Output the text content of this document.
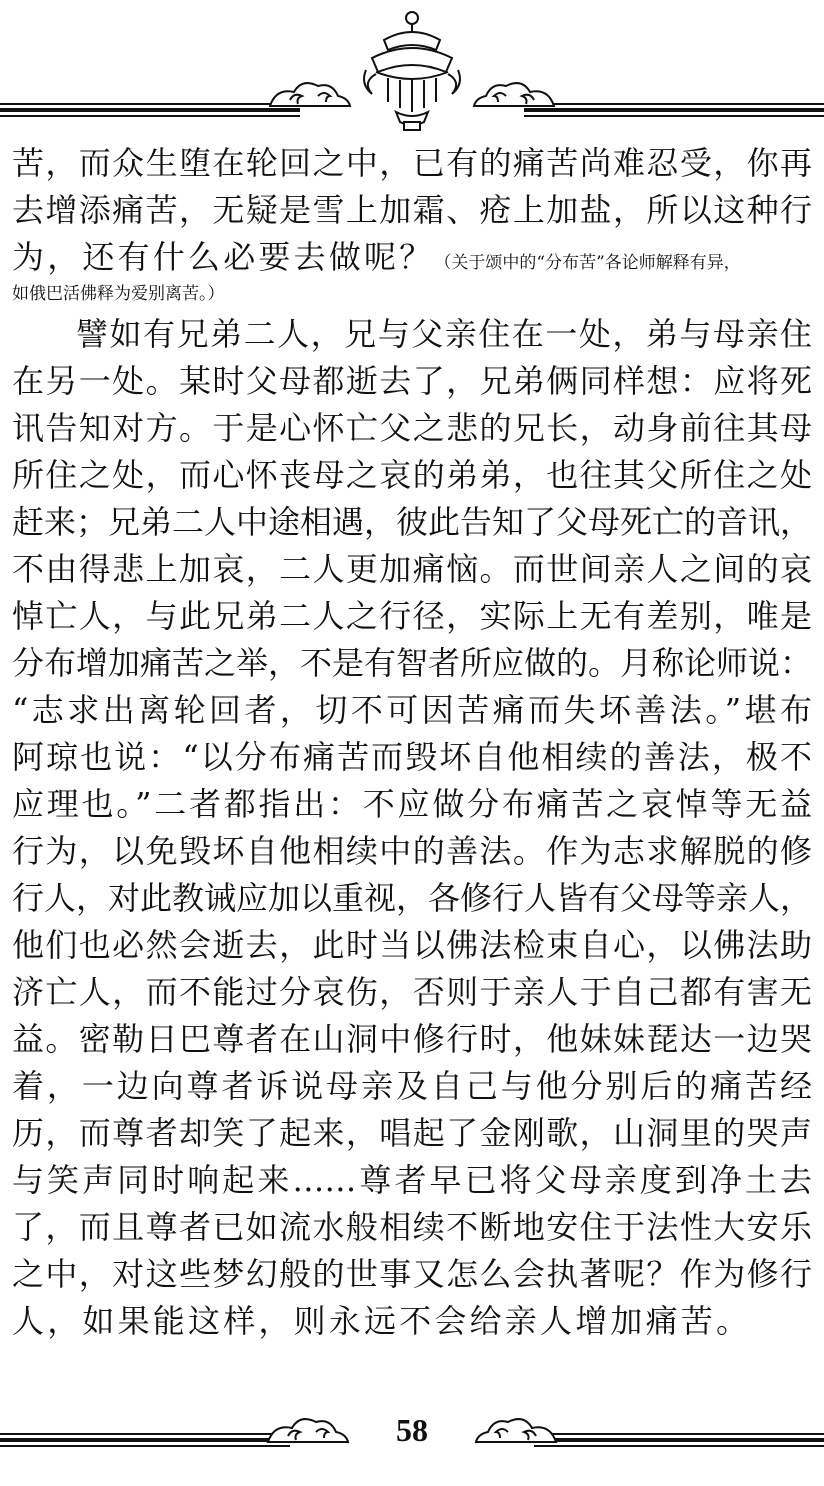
苦，而众生堕在轮回之中，已有的痛苦尚难忍受，你再
去增添痛苦，无疑是雪上加霜、疮上加盐，所以这种行
为，还有什么必要去做呢？（关于颂中的“分布苦”各论师解释有异，
如俄巴活佛释为爱别离苦。）
譬如有兄弟二人，兄与父亲住在一处，弟与母亲住
在另一处。某时父母都逝去了，兄弟俩同样想：应将死
讯告知对方。于是心怀亡父之悲的兄长，动身前往其母
所住之处，而心怀丧母之哀的弟弟，也往其父所住之处
赶来；兄弟二人中途相遇，彼此告知了父母死亡的音讯，
不由得悲上加哀，二人更加痛恼。而世间亲人之间的哀
悼亡人，与此兄弟二人之行径，实际上无有差别，唯是
分布增加痛苦之举，不是有智者所应做的。月称论师说：
“志求出离轮回者，切不可因苦痛而失坏善法。”堪布
阿琼也说：“以分布痛苦而毁坏自他相续的善法，极不
应理也。”二者都指出：不应做分布痛苦之哀悼等无益
行为，以免毁坏自他相续中的善法。作为志求解脱的修
行人，对此教诫应加以重视，各修行人皆有父母等亲人，
他们也必然会逝去，此时当以佛法检束自心，以佛法助
济亡人，而不能过分哀伤，否则于亲人于自己都有害无
益。密勒日巴尊者在山洞中修行时，他妹妹琵达一边哭
着，一边向尊者诉说母亲及自己与他分别后的痛苦经
历，而尊者却笑了起来，唱起了金刚歌，山洞里的哭声
与笑声同时响起来……尊者早已将父母亲度到净土去
了，而且尊者已如流水般相续不断地安住于法性大安乐
之中，对这些梦幻般的世事又怎么会执著呢？作为修行
人，如果能这样，则永远不会给亲人增加痛苦。
58
